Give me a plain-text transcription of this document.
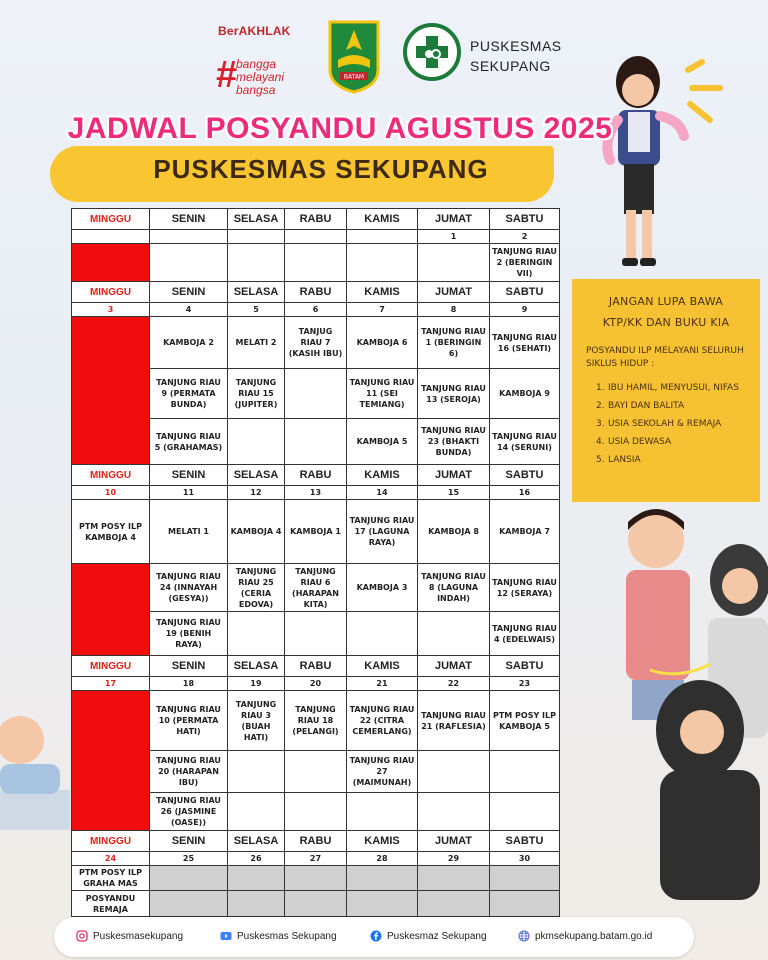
BerAKHLAK
#
bangga
melayani
bangsa
BATAM
PUSKESMAS
SEKUPANG
JADWAL POSYANDU AGUSTUS 2025
PUSKESMAS SEKUPANG
MINGGU	SENIN	SELASA	RABU	KAMIS	JUMAT	SABTU
					1	2
						TANJUNG RIAU 2 (BERINGIN VII)
MINGGU	SENIN	SELASA	RABU	KAMIS	JUMAT	SABTU
3	4	5	6	7	8	9
	KAMBOJA 2	MELATI 2	TANJUG RIAU 7 (KASIH IBU)	KAMBOJA 6	TANJUNG RIAU 1 (BERINGIN 6)	TANJUNG RIAU 16 (SEHATI)
	TANJUNG RIAU 9 (PERMATA BUNDA)	TANJUNG RIAU 15 (JUPITER)		TANJUNG RIAU 11 (SEI TEMIANG)	TANJUNG RIAU 13 (SEROJA)	KAMBOJA 9
	TANJUNG RIAU 5 (GRAHAMAS)			KAMBOJA 5	TANJUNG RIAU 23 (BHAKTI BUNDA)	TANJUNG RIAU 14 (SERUNI)
MINGGU	SENIN	SELASA	RABU	KAMIS	JUMAT	SABTU
10	11	12	13	14	15	16
PTM POSY ILP KAMBOJA 4	MELATI 1	KAMBOJA 4	KAMBOJA 1	TANJUNG RIAU 17 (LAGUNA RAYA)	KAMBOJA 8	KAMBOJA 7
	TANJUNG RIAU 24 (INNAYAH (GESYA))	TANJUNG RIAU 25 (CERIA EDOVA)	TANJUNG RIAU 6 (HARAPAN KITA)	KAMBOJA 3	TANJUNG RIAU 8 (LAGUNA INDAH)	TANJUNG RIAU 12 (SERAYA)
	TANJUNG RIAU 19 (BENIH RAYA)					TANJUNG RIAU 4 (EDELWAIS)
MINGGU	SENIN	SELASA	RABU	KAMIS	JUMAT	SABTU
17	18	19	20	21	22	23
	TANJUNG RIAU 10 (PERMATA HATI)	TANJUNG RIAU 3 (BUAH HATI)	TANJUNG RIAU 18 (PELANGI)	TANJUNG RIAU 22 (CITRA CEMERLANG)	TANJUNG RIAU 21 (RAFLESIA)	PTM POSY ILP KAMBOJA 5
	TANJUNG RIAU 20 (HARAPAN IBU)			TANJUNG RIAU 27 (MAIMUNAH)		
	TANJUNG RIAU 26 (JASMINE (OASE))					
MINGGU	SENIN	SELASA	RABU	KAMIS	JUMAT	SABTU
24	25	26	27	28	29	30
PTM POSY ILP GRAHA MAS						
POSYANDU REMAJA						
JANGAN LUPA BAWA
KTP/KK DAN BUKU KIA
POSYANDU ILP MELAYANI SELURUH SIKLUS HIDUP :
1. IBU HAMIL, MENYUSUI, NIFAS
2. BAYI DAN BALITA
3. USIA SEKOLAH & REMAJA
4. USIA DEWASA
5. LANSIA
Puskesmasekupang	Puskesmas Sekupang	Puskesmaz Sekupang	pkmsekupang.batam.go.id
